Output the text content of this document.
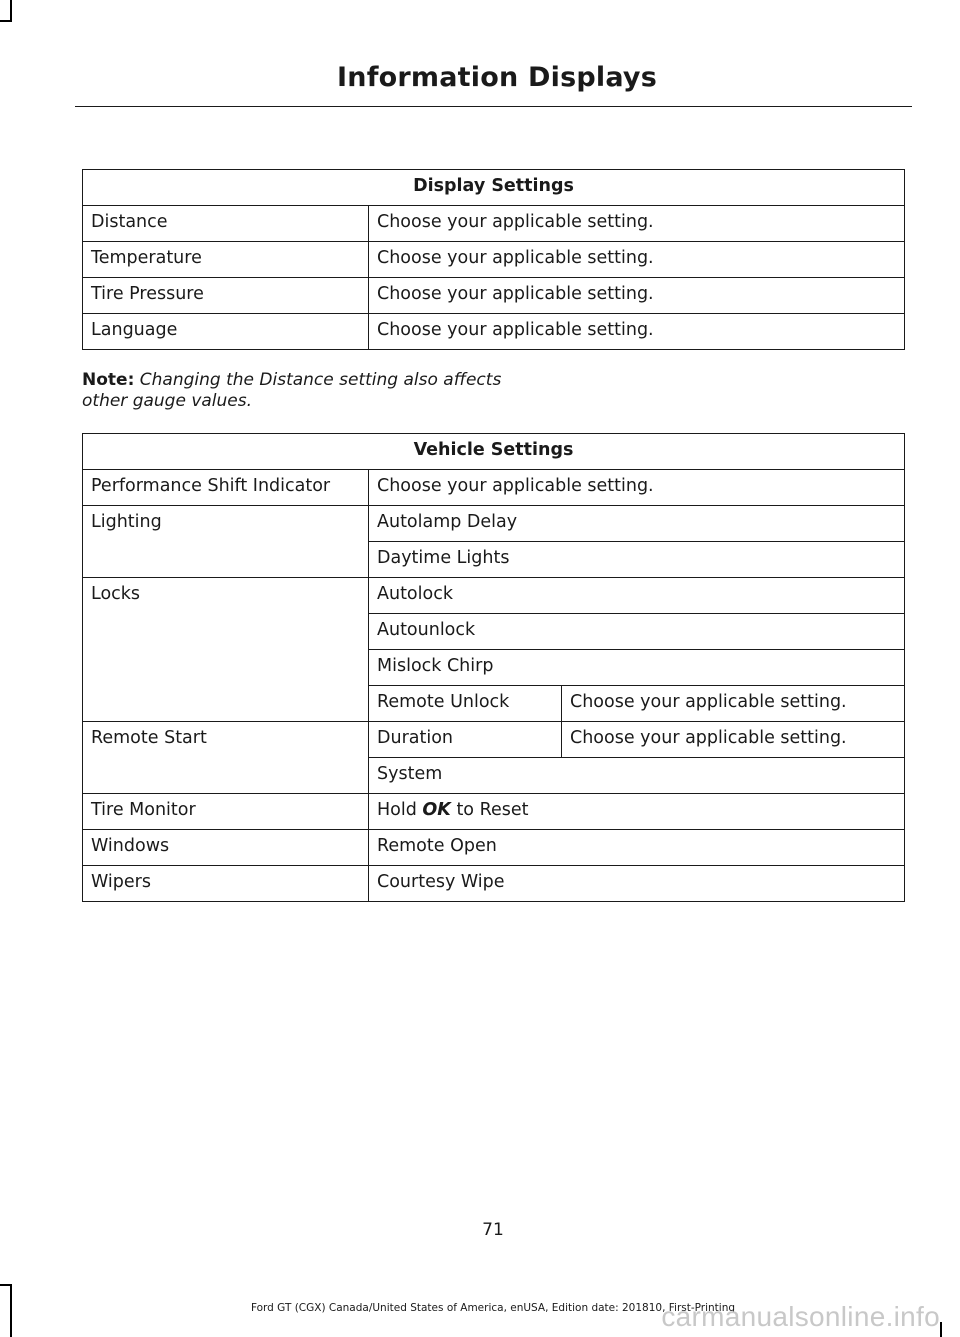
Information Displays
Display Settings	
Distance	Choose your applicable setting.
Temperature	Choose your applicable setting.
Tire Pressure	Choose your applicable setting.
Language	Choose your applicable setting.
Note: Changing the Distance setting also affects other gauge values.
Vehicle Settings		
Performance Shift Indicator	Choose your applicable setting.	
Lighting	Autolamp Delay	
	Daytime Lights	
Locks	Autolock	
	Autounlock	
	Mislock Chirp	
	Remote Unlock	Choose your applicable setting.
Remote Start	Duration	Choose your applicable setting.
	System	
Tire Monitor	Hold OK to Reset	
Windows	Remote Open	
Wipers	Courtesy Wipe	
71
Ford GT (CGX) Canada/United States of America, enUSA, Edition date: 201810, First-Printing
carmanualsonline.info
